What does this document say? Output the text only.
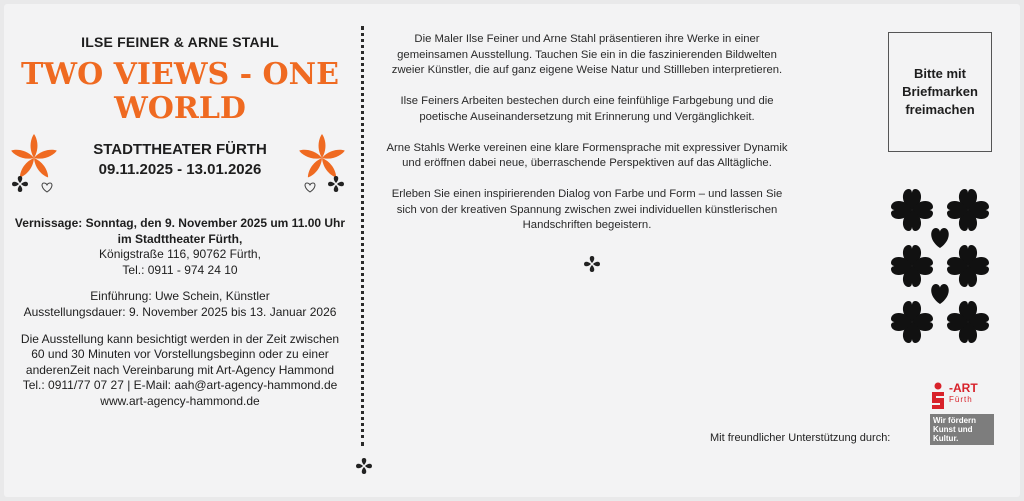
ILSE FEINER & ARNE STAHL
TWO VIEWS - ONE
WORLD
STADTTHEATER FÜRTH
09.11.2025 - 13.01.2026

Vernissage: Sonntag, den 9. November 2025 um 11.00 Uhr

im Stadttheater Fürth,

Königstraße 116, 90762 Fürth,

Tel.: 0911 - 974 24 10

Einführung: Uwe Schein, Künstler

Ausstellungsdauer: 9. November 2025 bis 13. Januar 2026

Die Ausstellung kann besichtigt werden in der Zeit zwischen

60 und 30 Minuten vor Vorstellungsbeginn oder zu einer

anderenZeit nach Vereinbarung mit Art-Agency Hammond

Tel.: 0911/77 07 27 | E-Mail: aah@art-agency-hammond.de

www.art-agency-hammond.de

Die Maler Ilse Feiner und Arne Stahl präsentieren ihre Werke in einer
gemeinsamen Ausstellung. Tauchen Sie ein in die faszinierenden Bildwelten
zweier Künstler, die auf ganz eigene Weise Natur und Stillleben interpretieren.

Ilse Feiners Arbeiten bestechen durch eine feinfühlige Farbgebung und die
poetische Auseinandersetzung mit Erinnerung und Vergänglichkeit.

Arne Stahls Werke vereinen eine klare Formensprache mit expressiver Dynamik
und eröffnen dabei neue, überraschende Perspektiven auf das Alltägliche.

Erleben Sie einen inspirierenden Dialog von Farbe und Form – und lassen Sie
sich von der kreativen Spannung zwischen zwei individuellen künstlerischen
Handschriften begeistern.

Bitte mit
Briefmarken
freimachen
Mit freundlicher Unterstützung durch:
-ART
Fürth
Wir fördern
Kunst und
Kultur.
